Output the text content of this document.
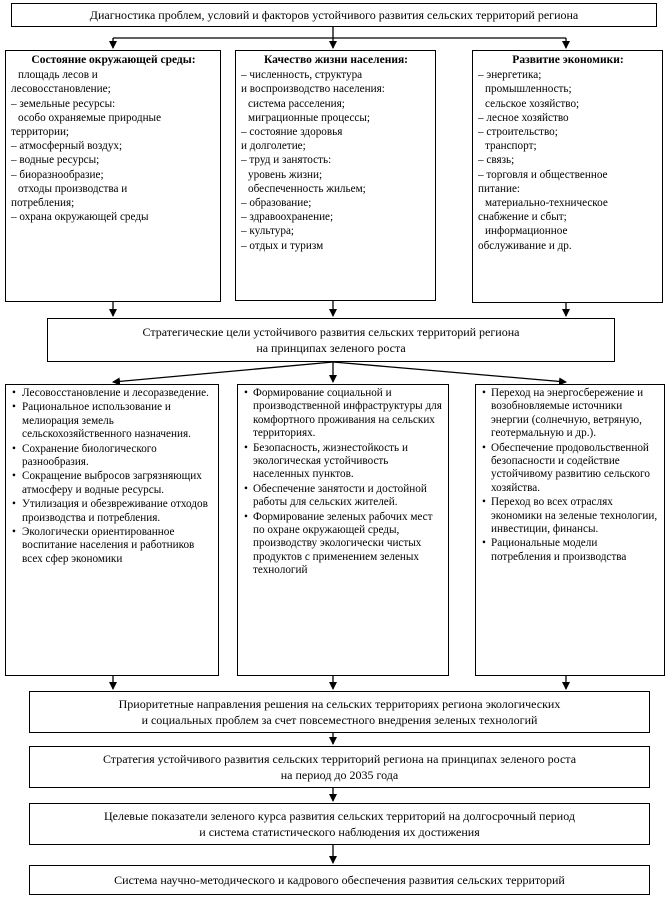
Диагностика проблем, условий и факторов устойчивого развития сельских территорий региона
Состояние окружающей среды:
площадь лесов и
лесовосстановление;
– земельные ресурсы:
особо охраняемые природные
территории;
– атмосферный воздух;
– водные ресурсы;
– биоразнообразие;
отходы производства и
потребления;
– охрана окружающей среды
Качество жизни населения:
– численность, структура
и воспроизводство населения:
система расселения;
миграционные процессы;
– состояние здоровья
и долголетие;
– труд и занятость:
уровень жизни;
обеспеченность жильем;
– образование;
– здравоохранение;
– культура;
– отдых и туризм
Развитие экономики:
– энергетика;
промышленность;
сельское хозяйство;
– лесное хозяйство
– строительство;
транспорт;
– связь;
– торговля и общественное
питание:
материально-техническое
снабжение и сбыт;
информационное
обслуживание и др.
Стратегические цели устойчивого развития сельских территорий региона
на принципах зеленого роста
• Лесовосстановление и лесоразведение.
• Рациональное использование и мелиорация земель сельскохозяйственного назначения.
• Сохранение биологического разнообразия.
• Сокращение выбросов загрязняющих атмосферу и водные ресурсы.
• Утилизация и обезвреживание отходов производства и потребления.
• Экологически ориентированное воспитание населения и работников всех сфер экономики
• Формирование социальной и производственной инфраструктуры для комфортного проживания на сельских территориях.
• Безопасность, жизнестойкость и экологическая устойчивость населенных пунктов.
• Обеспечение занятости и достойной работы для сельских жителей.
• Формирование зеленых рабочих мест по охране окружающей среды, производству экологически чистых продуктов с применением зеленых технологий
• Переход на энергосбережение и возобновляемые источники энергии (солнечную, ветряную, геотермальную и др.).
• Обеспечение продовольственной безопасности и содействие устойчивому развитию сельского хозяйства.
• Переход во всех отраслях экономики на зеленые технологии, инвестиции, финансы.
• Рациональные модели потребления и производства
Приоритетные направления решения на сельских территориях региона экологических
и социальных проблем за счет повсеместного внедрения зеленых технологий
Стратегия устойчивого развития сельских территорий региона на принципах зеленого роста
на период до 2035 года
Целевые показатели зеленого курса развития сельских территорий на долгосрочный период
и система статистического наблюдения их достижения
Система научно-методического и кадрового обеспечения развития сельских территорий
